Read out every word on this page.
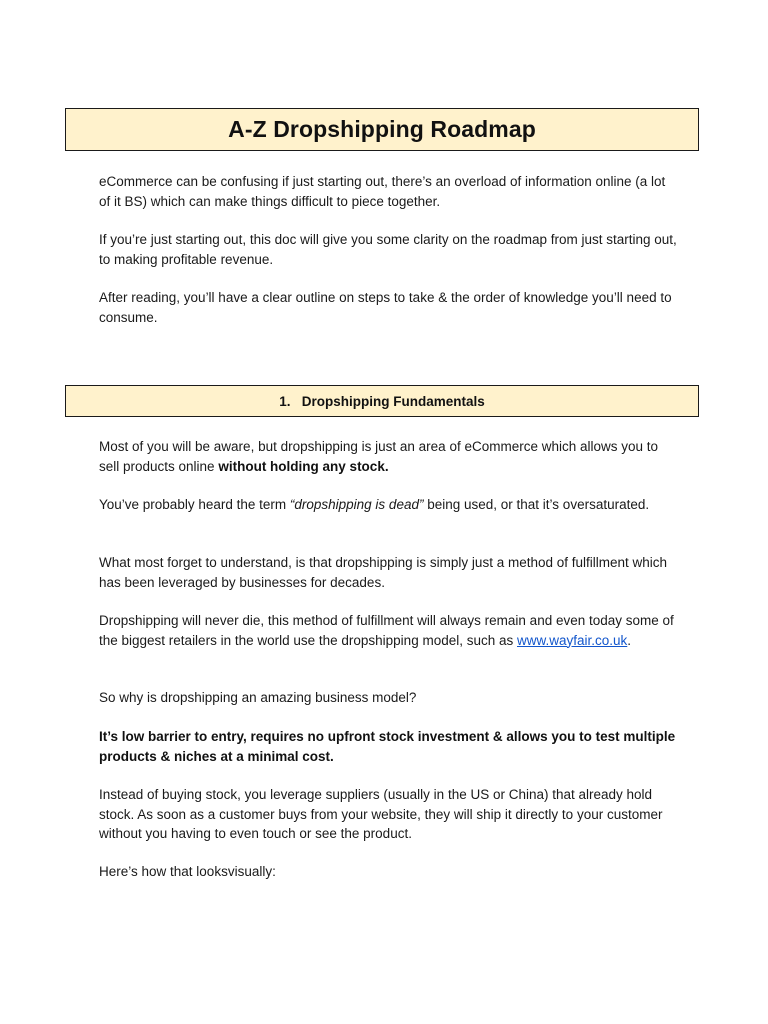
A-Z Dropshipping Roadmap

eCommerce can be confusing if just starting out, there’s an overload of information online (a lot of it BS) which can make things difficult to piece together.

If you’re just starting out, this doc will give you some clarity on the roadmap from just starting out, to making profitable revenue.

After reading, you’ll have a clear outline on steps to take & the order of knowledge you’ll need to consume.

1. Dropshipping Fundamentals

Most of you will be aware, but dropshipping is just an area of eCommerce which allows you to sell products online without holding any stock.

You’ve probably heard the term “dropshipping is dead” being used, or that it’s oversaturated.

What most forget to understand, is that dropshipping is simply just a method of fulfillment which has been leveraged by businesses for decades.

Dropshipping will never die, this method of fulfillment will always remain and even today some of the biggest retailers in the world use the dropshipping model, such as www.wayfair.co.uk.

So why is dropshipping an amazing business model?

It’s low barrier to entry, requires no upfront stock investment & allows you to test multiple products & niches at a minimal cost.

Instead of buying stock, you leverage suppliers (usually in the US or China) that already hold stock. As soon as a customer buys from your website, they will ship it directly to your customer without you having to even touch or see the product.

Here’s how that looksvisually:
